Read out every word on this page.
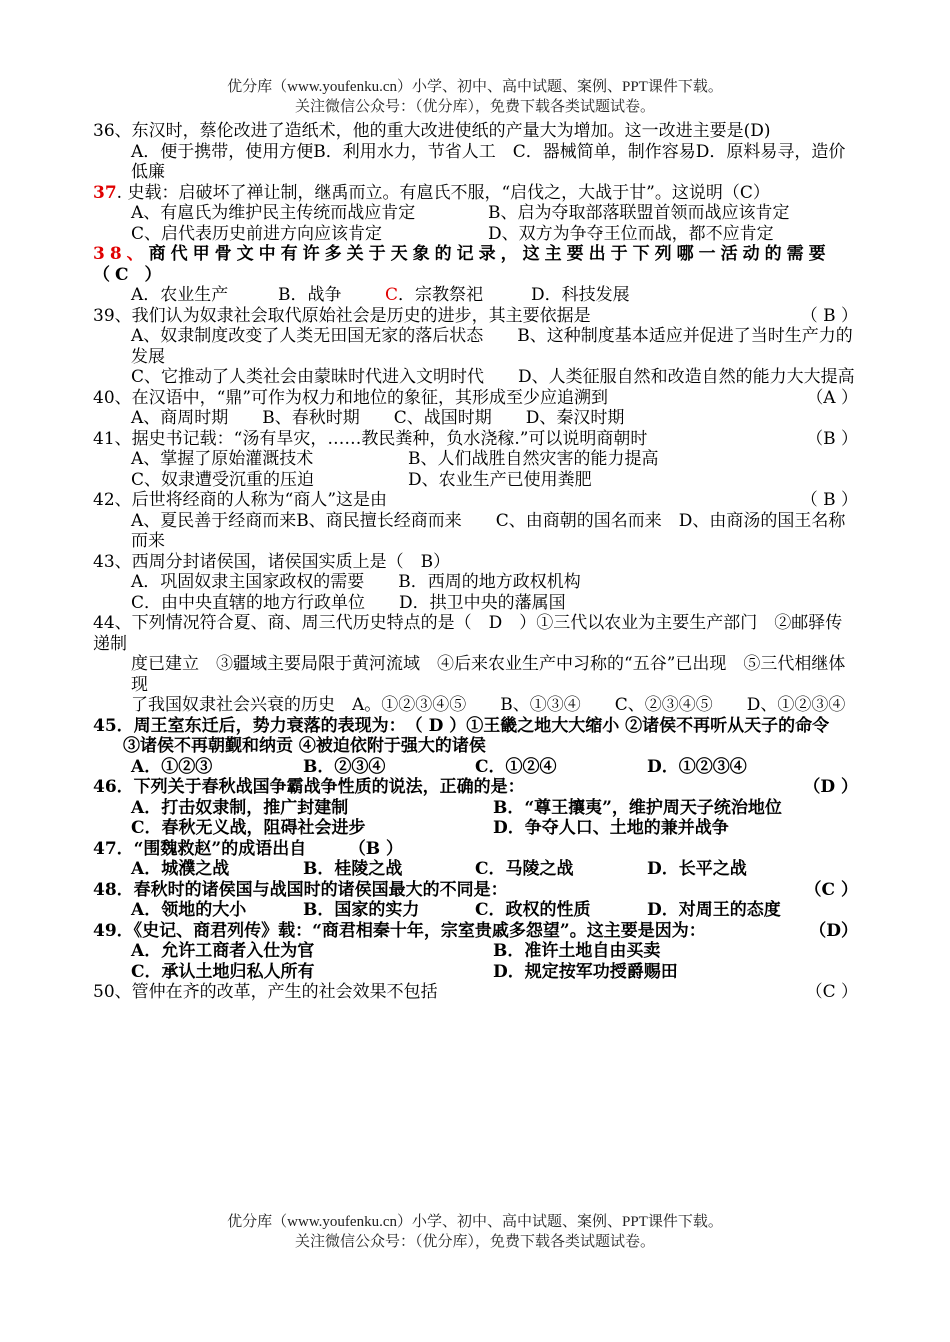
优分库（www.youfenku.cn）小学、初中、高中试题、案例、PPT课件下载。
关注微信公众号：（优分库），免费下载各类试题试卷。
36、东汉时，蔡伦改进了造纸术，他的重大改进使纸的产量大为增加。这一改进主要是(D)
A．便于携带，使用方便B．利用水力，节省人工　C．器械简单，制作容易D．原料易寻，造价低廉
37. 史载：启破坏了禅让制，继禹而立。有扈氏不服，“启伐之，大战于甘”。这说明（C）
A、有扈氏为维护民主传统而战应肯定	B、启为夺取部落联盟首领而战应该肯定
C、启代表历史前进方向应该肯定	D、双方为争夺王位而战，都不应肯定
38、商代甲骨文中有许多关于天象的记录，这主要出于下列哪一活动的需要（C ）
A．农业生产	B．战争	C．宗教祭祀	D．科技发展
39、我们认为奴隶社会取代原始社会是历史的进步，其主要依据是	（ B ）
A、奴隶制度改变了人类无田国无家的落后状态　　B、这种制度基本适应并促进了当时生产力的发展
C、它推动了人类社会由蒙昧时代进入文明时代　　D、人类征服自然和改造自然的能力大大提高
40、在汉语中，“鼎”可作为权力和地位的象征，其形成至少应追溯到	（A ）
A、商周时期　　B、春秋时期　　C、战国时期　　D、秦汉时期
41、据史书记载：“汤有旱灾，……教民粪种，负水浇稼.”可以说明商朝时	（B ）
A、掌握了原始灌溉技术	B、人们战胜自然灾害的能力提高
C、奴隶遭受沉重的压迫	D、农业生产已使用粪肥
42、后世将经商的人称为“商人”这是由	（ B ）
A、夏民善于经商而来B、商民擅长经商而来　　C、由商朝的国名而来　D、由商汤的国王名称而来
43、西周分封诸侯国，诸侯国实质上是（　B）
A．巩固奴隶主国家政权的需要　　B．西周的地方政权机构
C．由中央直辖的地方行政单位　　D．拱卫中央的藩属国
44、下列情况符合夏、商、周三代历史特点的是（　D　）①三代以农业为主要生产部门　②邮驿传递制
度已建立　③疆域主要局限于黄河流域　④后来农业生产中习称的“五谷”已出现　⑤三代相继体现
了我国奴隶社会兴衰的历史　A。①②③④⑤　　B、①③④　　C、②③④⑤　　D、①②③④
45．周王室东迁后，势力衰落的表现为：　（ D ）①王畿之地大大缩小 ②诸侯不再听从天子的命令
③诸侯不再朝觐和纳贡 ④被迫依附于强大的诸侯
A．①②③	B．②③④	C．①②④	D．①②③④
46．下列关于春秋战国争霸战争性质的说法，正确的是：	（D ）
A．打击奴隶制，推广封建制	B．“尊王攘夷”，维护周天子统治地位
C．春秋无义战，阻碍社会进步	D．争夺人口、土地的兼并战争
47．“围魏救赵”的成语出自　　　（B ）
A．城濮之战	B．桂陵之战	C．马陵之战	D．长平之战
48．春秋时的诸侯国与战国时的诸侯国最大的不同是：	（C ）
A．领地的大小	B．国家的实力	C．政权的性质	D．对周王的态度
49．《史记、商君列传》载：“商君相秦十年，宗室贵戚多怨望”。这主要是因为：	（D）
A．允许工商者入仕为官	B．准许土地自由买卖
C．承认土地归私人所有	D．规定按军功授爵赐田
50、管仲在齐的改革，产生的社会效果不包括	（C ）
优分库（www.youfenku.cn）小学、初中、高中试题、案例、PPT课件下载。
关注微信公众号：（优分库），免费下载各类试题试卷。
